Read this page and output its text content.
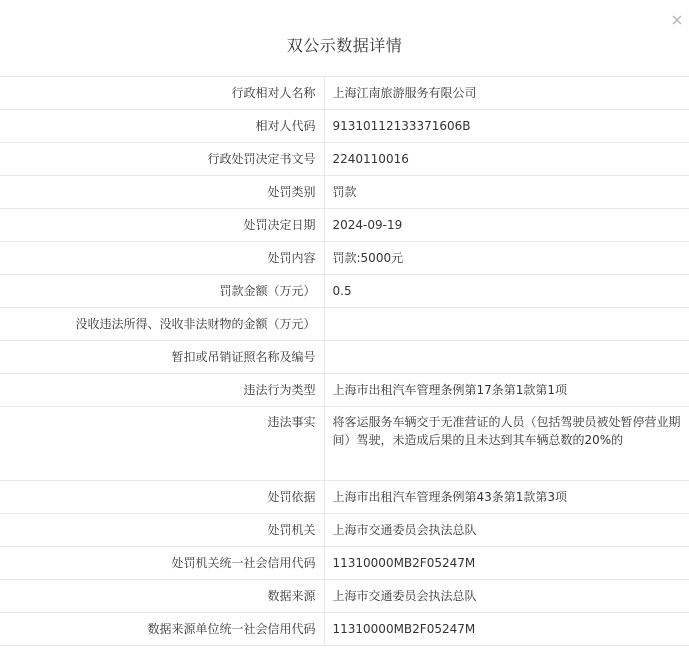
双公示数据详情
行政相对人名称	上海江南旅游服务有限公司
相对人代码	91310112133371606B
行政处罚决定书文号	2240110016
处罚类别	罚款
处罚决定日期	2024-09-19
处罚内容	罚款:5000元
罚款金额（万元）	0.5
没收违法所得、没收非法财物的金额（万元）	
暂扣或吊销证照名称及编号	
违法行为类型	上海市出租汽车管理条例第17条第1款第1项
违法事实	将客运服务车辆交于无准营证的人员（包括驾驶员被处暂停营业期间）驾驶，未造成后果的且未达到其车辆总数的20%的
处罚依据	上海市出租汽车管理条例第43条第1款第3项
处罚机关	上海市交通委员会执法总队
处罚机关统一社会信用代码	11310000MB2F05247M
数据来源	上海市交通委员会执法总队
数据来源单位统一社会信用代码	11310000MB2F05247M
